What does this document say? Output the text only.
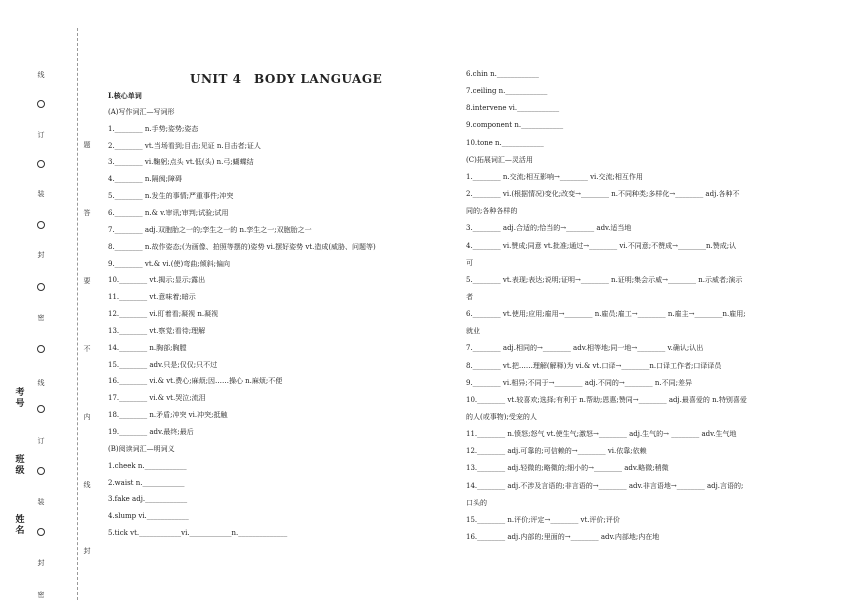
线
订
装
封
密
线
订
装
封
密
考号
班级
姓名
题
答
要
不
内
线
封
UNIT 4　BODY LANGUAGE
Ⅰ.核心单词
(A)写作词汇—写词形
1.________ n.手势;姿势;姿态
2.________ vt.当场看到;目击;见证 n.目击者;证人
3.________ vi.鞠躬;点头 vt.低(头) n.弓;蝴蝶结
4.________ n.隔阂;障碍
5.________ n.发生的事情;严重事件;冲突
6.________ n.& v.审讯;审判;试验;试用
7.________ adj.双胞胎之一的;孪生之一的 n.孪生之一;双胞胎之一
8.________ n.故作姿态;(为画像、拍照等摆的)姿势 vi.摆好姿势 vt.造成(威胁、问题等)
9.________ vt.& vi.(使)弯曲;倾斜;偏向
10.________ vt.揭示;显示;露出
11.________ vt.意味着;暗示
12.________ vi.盯着看;凝视 n.凝视
13.________ vt.察觉;看待;理解
14.________ n.胸部;胸膛
15.________ adv.只是;仅仅;只不过
16.________ vi.& vt.费心;麻烦;因……操心 n.麻烦;不便
17.________ vi.& vt.哭泣;流泪
18.________ n.矛盾;冲突 vi.冲突;抵触
19.________ adv.最终;最后
(B)阅读词汇—明词义
1.cheek n.____________
2.waist n.____________
3.fake adj.____________
4.slump vi.____________
5.tick vt.____________vi.____________n.______________
6.chin n.____________
7.ceiling n.____________
8.intervene vi.____________
9.component n.____________
10.tone n.____________
(C)拓展词汇—灵活用
1.________ n.交流;相互影响→________ vi.交流;相互作用
2.________ vi.(根据情况)变化;改变→________ n.不同种类;多样化→________ adj.各种不
同的;各种各样的
3.________ adj.合适的;恰当的→________ adv.适当地
4.________ vi.赞成;同意 vt.批准;通过→________ vi.不同意;不赞成→________n.赞成;认
可
5.________ vt.表现;表达;说明;证明→________ n.证明;集会示威→________ n.示威者;演示
者
6.________ vt.使用;应用;雇用→________ n.雇员;雇工→________ n.雇主→________n.雇用;
就业
7.________ adj.相同的→________ adv.相等地;同一地→________ v.确认;认出
8.________ vt.把……理解(解释)为 vi.& vt.口译→________n.口译工作者;口译译员
9.________ vi.相异;不同于→________ adj.不同的→________ n.不同;差异
10.________ vt.较喜欢;选择;有利于 n.帮助;恩惠;赞同→________ adj.最喜爱的 n.特别喜爱
的人(或事物);受宠的人
11.________ n.愤怒;怒气 vt.使生气;激怒→________ adj.生气的→ ________ adv.生气地
12.________ adj.可靠的;可信赖的→________ vi.依靠;依赖
13.________ adj.轻微的;略微的;细小的→________ adv.略微;稍微
14.________ adj.不涉及言语的;非言语的→________ adv.非言语地→________ adj.言语的;
口头的
15.________ n.评价;评定→________ vt.评价;评价
16.________ adj.内部的;里面的→________ adv.内部地;内在地
